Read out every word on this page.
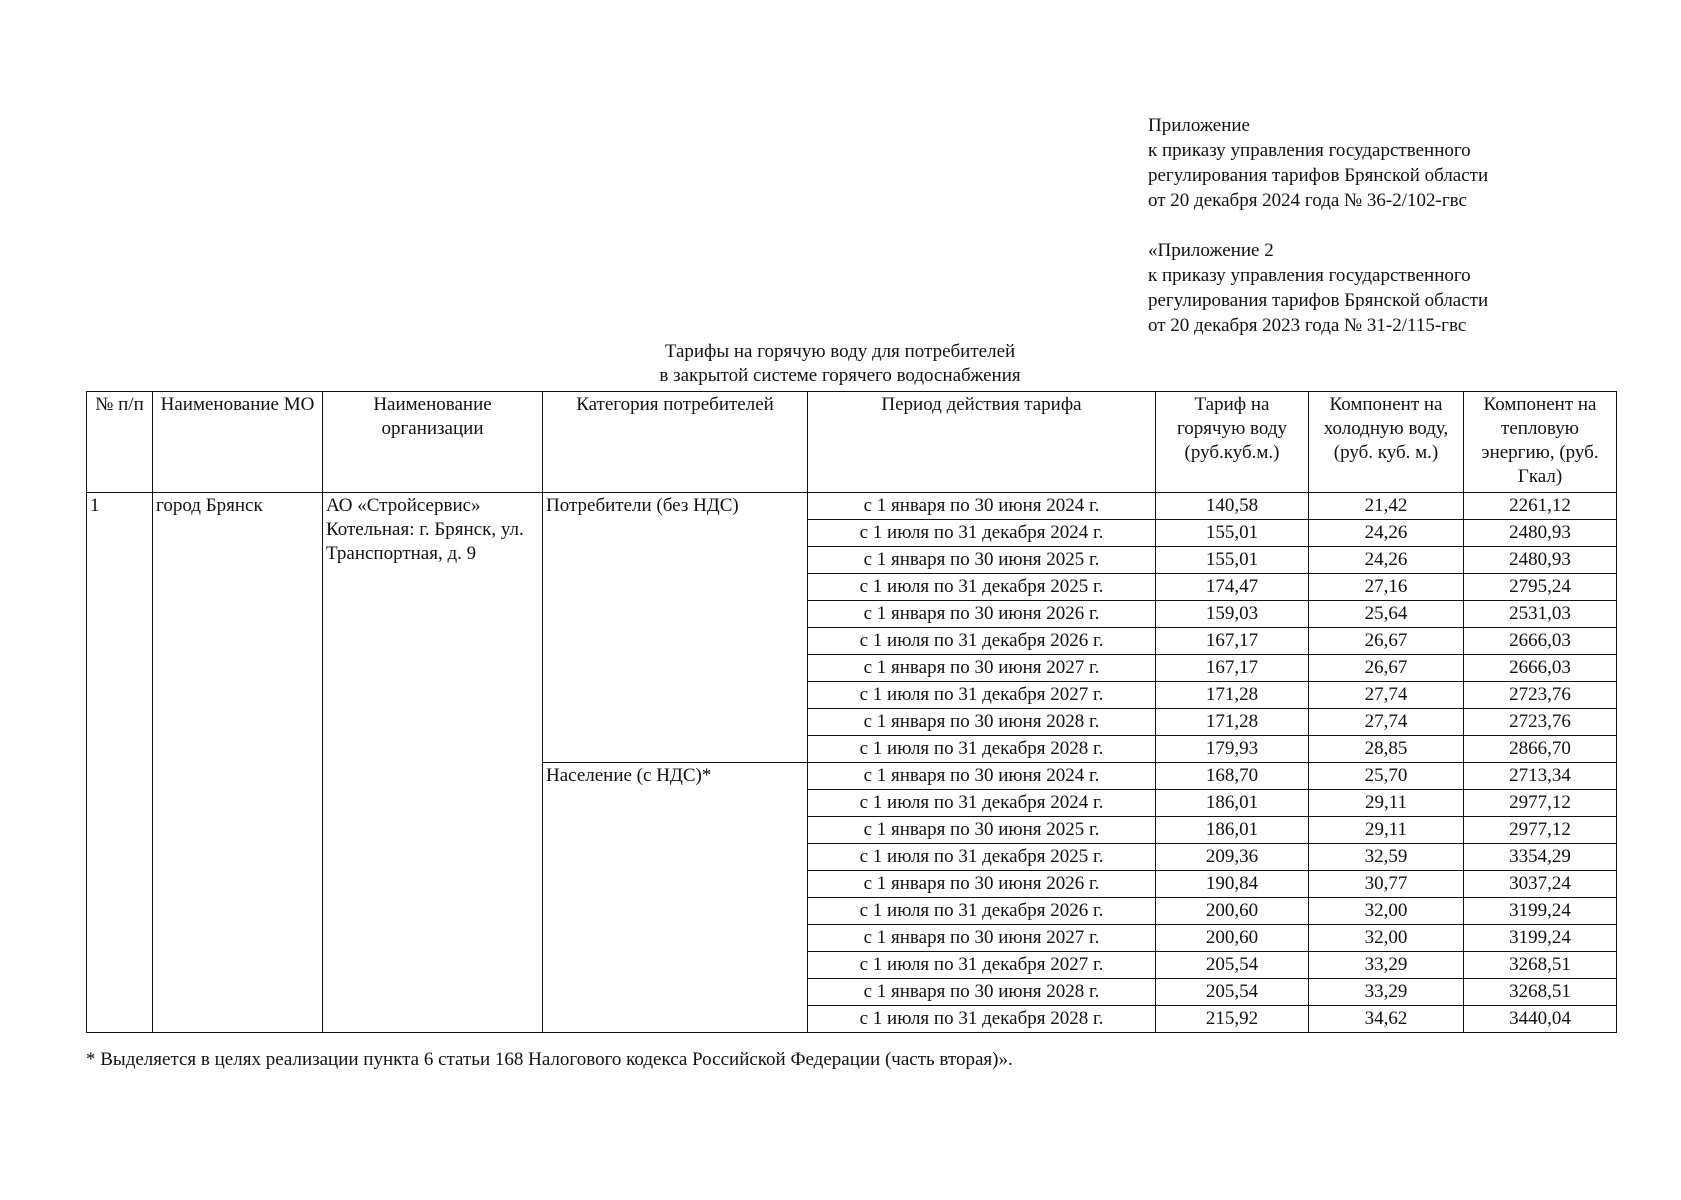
Приложение
к приказу управления государственного
регулирования тарифов Брянской области
от 20 декабря 2024 года № 36-2/102-гвс
«Приложение 2
к приказу управления государственного
регулирования тарифов Брянской области
от 20 декабря 2023 года № 31-2/115-гвс
Тарифы на горячую воду для потребителей
в закрытой системе горячего водоснабжения
№ п/п	Наименование МО	Наименование организации	Категория потребителей	Период действия тарифа	Тариф на горячую воду (руб.куб.м.)	Компонент на холодную воду, (руб. куб. м.)	Компонент на тепловую энергию, (руб. Гкал)
1	город Брянск	АО «Стройсервис» Котельная: г. Брянск, ул. Транспортная, д. 9	Потребители (без НДС)	с 1 января по 30 июня 2024 г.	140,58	21,42	2261,12
				с 1 июля по 31 декабря 2024 г.	155,01	24,26	2480,93
				с 1 января по 30 июня 2025 г.	155,01	24,26	2480,93
				с 1 июля по 31 декабря 2025 г.	174,47	27,16	2795,24
				с 1 января по 30 июня 2026 г.	159,03	25,64	2531,03
				с 1 июля по 31 декабря 2026 г.	167,17	26,67	2666,03
				с 1 января по 30 июня 2027 г.	167,17	26,67	2666,03
				с 1 июля по 31 декабря 2027 г.	171,28	27,74	2723,76
				с 1 января по 30 июня 2028 г.	171,28	27,74	2723,76
				с 1 июля по 31 декабря 2028 г.	179,93	28,85	2866,70
			Население (с НДС)*	с 1 января по 30 июня 2024 г.	168,70	25,70	2713,34
				с 1 июля по 31 декабря 2024 г.	186,01	29,11	2977,12
				с 1 января по 30 июня 2025 г.	186,01	29,11	2977,12
				с 1 июля по 31 декабря 2025 г.	209,36	32,59	3354,29
				с 1 января по 30 июня 2026 г.	190,84	30,77	3037,24
				с 1 июля по 31 декабря 2026 г.	200,60	32,00	3199,24
				с 1 января по 30 июня 2027 г.	200,60	32,00	3199,24
				с 1 июля по 31 декабря 2027 г.	205,54	33,29	3268,51
				с 1 января по 30 июня 2028 г.	205,54	33,29	3268,51
				с 1 июля по 31 декабря 2028 г.	215,92	34,62	3440,04
* Выделяется в целях реализации пункта 6 статьи 168 Налогового кодекса Российской Федерации (часть вторая)».
